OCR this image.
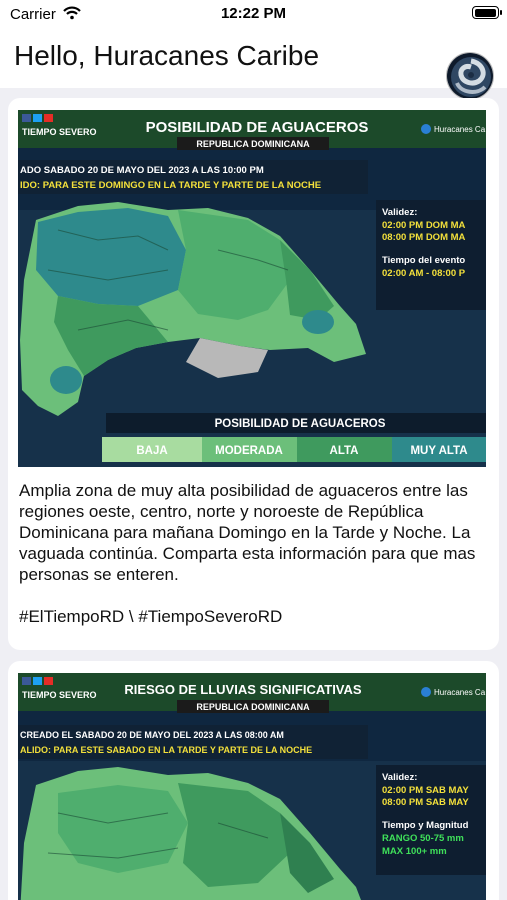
Carrier	12:22 PM
Hello, Huracanes Caribe
TIEMPO SEVERO	POSIBILIDAD DE AGUACEROS
REPUBLICA DOMINICANA
Huracanes Ca
ADO SABADO 20 DE MAYO DEL 2023 A LAS 10:00 PM
IDO: PARA ESTE DOMINGO EN LA TARDE Y PARTE DE LA NOCHE
Validez:
02:00 PM DOM MA
08:00 PM DOM MA
Tiempo del evento
02:00 AM - 08:00 P
POSIBILIDAD DE AGUACEROS
BAJA	MODERADA	ALTA	MUY ALTA
Amplia zona de muy alta posibilidad de aguaceros entre las regiones oeste, centro, norte y noroeste de República Dominicana para mañana Domingo en la Tarde y Noche. La vaguada continúa. Comparta esta información para que mas personas se enteren.

#ElTiempoRD \ #TiempoSeveroRD
TIEMPO SEVERO RIESGO DE LLUVIAS SIGNIFICATIVAS
REPUBLICA DOMINICANA
Huracanes Ca
CREADO EL SABADO 20 DE MAYO DEL 2023 A LAS 08:00 AM
ALIDO: PARA ESTE SABADO EN LA TARDE Y PARTE DE LA NOCHE
Validez:
02:00 PM SAB MAY
08:00 PM SAB MAY
Tiempo y Magnitud
RANGO 50-75 mm
MAX 100+ mm
